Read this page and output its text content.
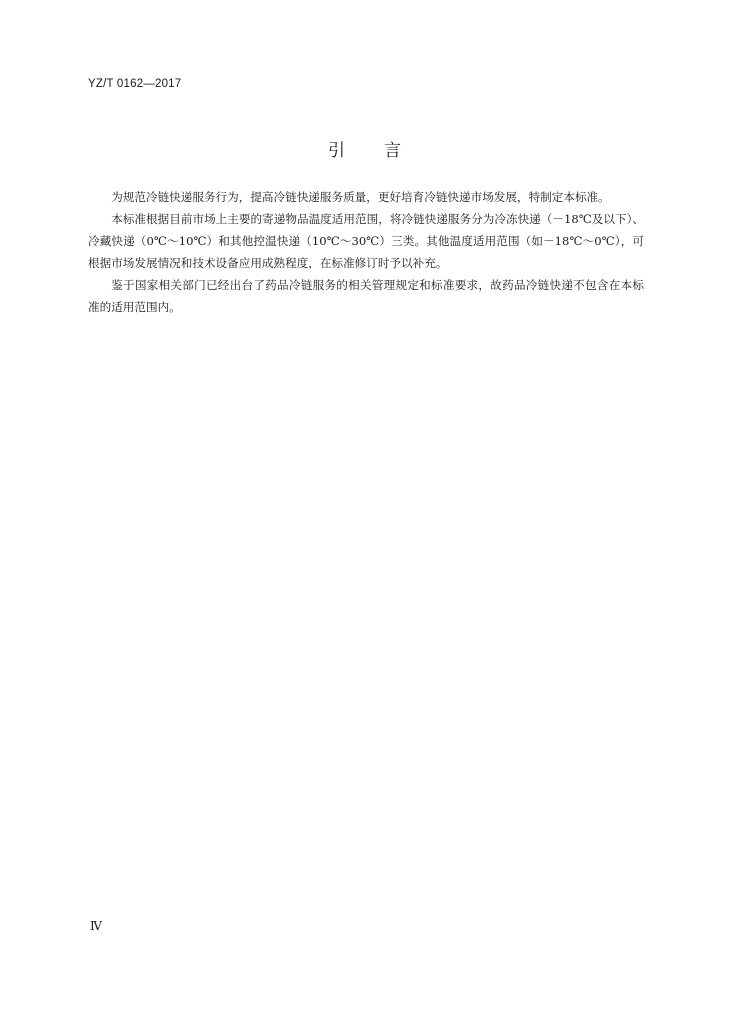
YZ/T 0162—2017
引 言

为规范冷链快递服务行为，提高冷链快递服务质量，更好培育冷链快递市场发展，特制定本标准。

本标准根据目前市场上主要的寄递物品温度适用范围，将冷链快递服务分为冷冻快递（－18℃及以下）、冷藏快递（0℃～10℃）和其他控温快递（10℃～30℃）三类。其他温度适用范围（如－18℃～0℃），可根据市场发展情况和技术设备应用成熟程度，在标准修订时予以补充。

鉴于国家相关部门已经出台了药品冷链服务的相关管理规定和标准要求，故药品冷链快递不包含在本标准的适用范围内。

Ⅳ
